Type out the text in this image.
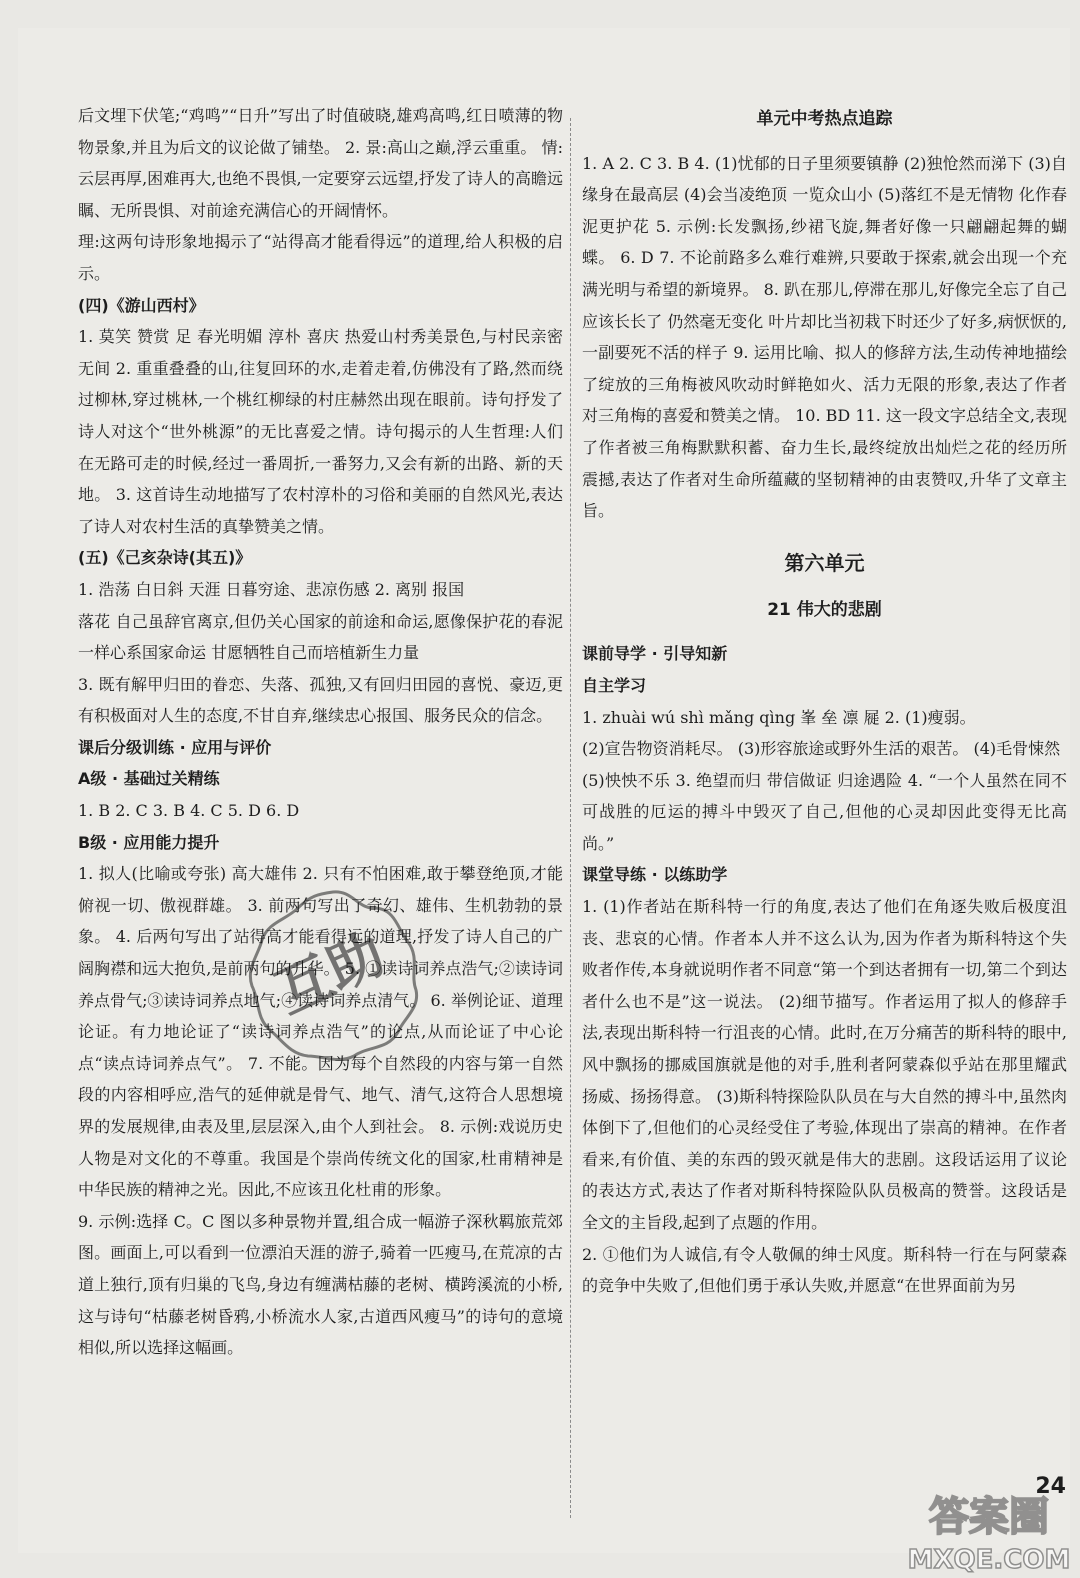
后文埋下伏笔;“鸡鸣”“日升”写出了时值破晓,雄鸡高鸣,红日喷薄的物物景象,并且为后文的议论做了铺垫。 2. 景:高山之巅,浮云重重。 情:云层再厚,困难再大,也绝不畏惧,一定要穿云远望,抒发了诗人的高瞻远瞩、无所畏惧、对前途充满信心的开阔情怀。

理:这两句诗形象地揭示了“站得高才能看得远”的道理,给人积极的启示。

(四)《游山西村》

1. 莫笑 赞赏 足 春光明媚 淳朴 喜庆 热爱山村秀美景色,与村民亲密无间 2. 重重叠叠的山,往复回环的水,走着走着,仿佛没有了路,然而绕过柳林,穿过桃林,一个桃红柳绿的村庄赫然出现在眼前。诗句抒发了诗人对这个“世外桃源”的无比喜爱之情。诗句揭示的人生哲理:人们在无路可走的时候,经过一番周折,一番努力,又会有新的出路、新的天地。 3. 这首诗生动地描写了农村淳朴的习俗和美丽的自然风光,表达了诗人对农村生活的真挚赞美之情。

(五)《己亥杂诗(其五)》

1. 浩荡 白日斜 天涯 日暮穷途、悲凉伤感 2. 离别 报国

落花 自己虽辞官离京,但仍关心国家的前途和命运,愿像保护花的春泥一样心系国家命运 甘愿牺牲自己而培植新生力量

3. 既有解甲归田的眷恋、失落、孤独,又有回归田园的喜悦、豪迈,更有积极面对人生的态度,不甘自弃,继续忠心报国、服务民众的信念。

课后分级训练 · 应用与评价

A级 · 基础过关精练

1. B 2. C 3. B 4. C 5. D 6. D

B级 · 应用能力提升

1. 拟人(比喻或夸张) 高大雄伟 2. 只有不怕困难,敢于攀登绝顶,才能俯视一切、傲视群雄。 3. 前两句写出了奇幻、雄伟、生机勃勃的景象。 4. 后两句写出了站得高才能看得远的道理,抒发了诗人自己的广阔胸襟和远大抱负,是前两句的升华。 5. ①读诗词养点浩气;②读诗词养点骨气;③读诗词养点地气;④读诗词养点清气。 6. 举例论证、道理论证。有力地论证了“读诗词养点浩气”的论点,从而论证了中心论点“读点诗词养点气”。 7. 不能。因为每个自然段的内容与第一自然段的内容相呼应,浩气的延伸就是骨气、地气、清气,这符合人思想境界的发展规律,由表及里,层层深入,由个人到社会。 8. 示例:戏说历史人物是对文化的不尊重。我国是个崇尚传统文化的国家,杜甫精神是中华民族的精神之光。因此,不应该丑化杜甫的形象。

9. 示例:选择 C。C 图以多种景物并置,组合成一幅游子深秋羁旅荒郊图。画面上,可以看到一位漂泊天涯的游子,骑着一匹瘦马,在荒凉的古道上独行,顶有归巢的飞鸟,身边有缠满枯藤的老树、横跨溪流的小桥,这与诗句“枯藤老树昏鸦,小桥流水人家,古道西风瘦马”的诗句的意境相似,所以选择这幅画。

单元中考热点追踪

1. A 2. C 3. B 4. (1)忧郁的日子里须要镇静 (2)独怆然而涕下 (3)自缘身在最高层 (4)会当凌绝顶 一览众山小 (5)落红不是无情物 化作春泥更护花 5. 示例:长发飘扬,纱裙飞旋,舞者好像一只翩翩起舞的蝴蝶。 6. D 7. 不论前路多么难行难辨,只要敢于探索,就会出现一个充满光明与希望的新境界。 8. 趴在那儿,停滞在那儿,好像完全忘了自己应该长长了 仍然毫无变化 叶片却比当初栽下时还少了好多,病恹恹的,一副要死不活的样子 9. 运用比喻、拟人的修辞方法,生动传神地描绘了绽放的三角梅被风吹动时鲜艳如火、活力无限的形象,表达了作者对三角梅的喜爱和赞美之情。 10. BD 11. 这一段文字总结全文,表现了作者被三角梅默默积蓄、奋力生长,最终绽放出灿烂之花的经历所震撼,表达了作者对生命所蕴藏的坚韧精神的由衷赞叹,升华了文章主旨。

第六单元

21 伟大的悲剧

课前导学 · 引导知新

自主学习

1. zhuài wú shì mǎng qìng 峯 垒 凛 屣 2. (1)瘦弱。

(2)宣告物资消耗尽。 (3)形容旅途或野外生活的艰苦。 (4)毛骨悚然

(5)怏怏不乐 3. 绝望而归 带信做证 归途遇险 4. “一个人虽然在同不可战胜的厄运的搏斗中毁灭了自己,但他的心灵却因此变得无比高尚。”

课堂导练 · 以练助学

1. (1)作者站在斯科特一行的角度,表达了他们在角逐失败后极度沮丧、悲哀的心情。作者本人并不这么认为,因为作者为斯科特这个失败者作传,本身就说明作者不同意“第一个到达者拥有一切,第二个到达者什么也不是”这一说法。 (2)细节描写。作者运用了拟人的修辞手法,表现出斯科特一行沮丧的心情。此时,在万分痛苦的斯科特的眼中,风中飘扬的挪威国旗就是他的对手,胜利者阿蒙森似乎站在那里耀武扬威、扬扬得意。 (3)斯科特探险队队员在与大自然的搏斗中,虽然肉体倒下了,但他们的心灵经受住了考验,体现出了崇高的精神。在作者看来,有价值、美的东西的毁灭就是伟大的悲剧。这段话运用了议论的表达方式,表达了作者对斯科特探险队队员极高的赞誉。这段话是全文的主旨段,起到了点题的作用。

2. ①他们为人诚信,有令人敬佩的绅士风度。斯科特一行在与阿蒙森的竞争中失败了,但他们勇于承认失败,并愿意“在世界面前为另

24
互助
答案圈
MXQE.COM
